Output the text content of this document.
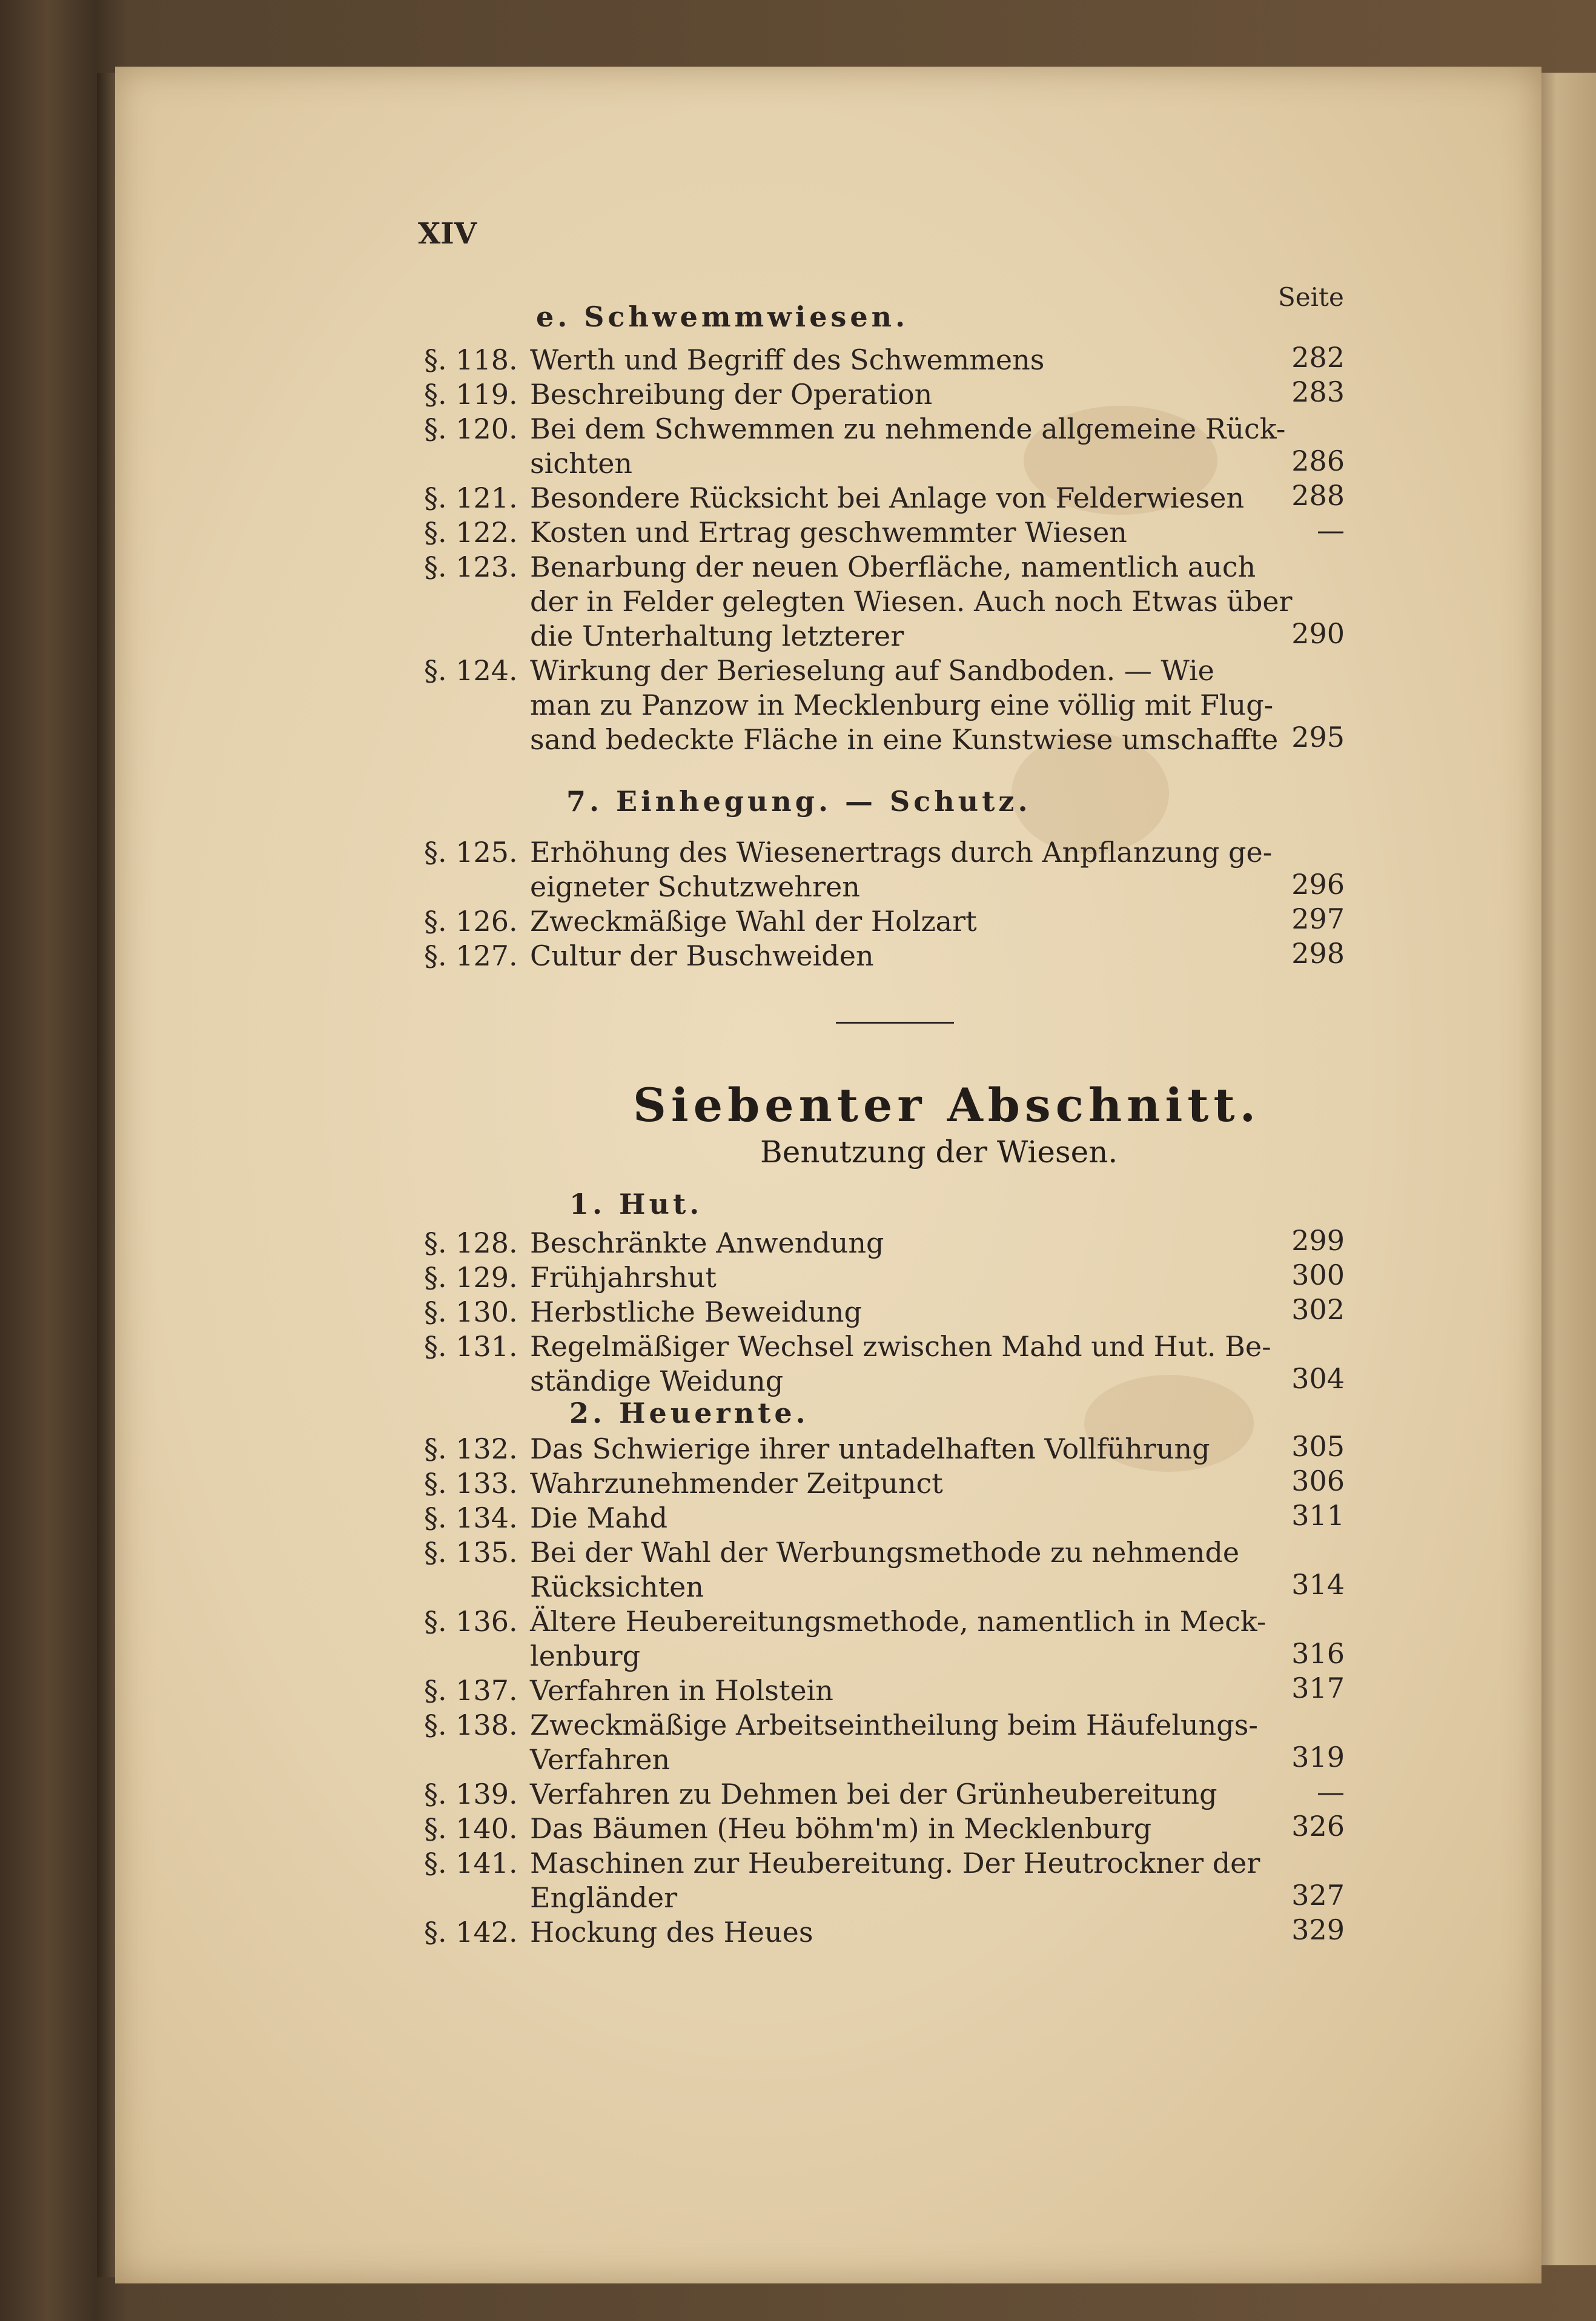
XIV
Seite
e. Schwemmwiesen.
§. 118. Werth und Begriff des Schwemmens	282
§. 119. Beschreibung der Operation	283
§. 120. Bei dem Schwemmen zu nehmende allgemeine Rück-
sichten	286
§. 121. Besondere Rücksicht bei Anlage von Felderwiesen	288
§. 122. Kosten und Ertrag geschwemmter Wiesen	—
§. 123. Benarbung der neuen Oberfläche, namentlich auch
der in Felder gelegten Wiesen. Auch noch Etwas über
die Unterhaltung letzterer	290
§. 124. Wirkung der Berieselung auf Sandboden. — Wie
man zu Panzow in Mecklenburg eine völlig mit Flug-
sand bedeckte Fläche in eine Kunstwiese umschaffte 295
7. Einhegung. — Schutz.
§. 125. Erhöhung des Wiesenertrags durch Anpflanzung ge-
eigneter Schutzwehren	296
§. 126. Zweckmäßige Wahl der Holzart	297
§. 127. Cultur der Buschweiden	298
Siebenter Abschnitt.
Benutzung der Wiesen.
1. Hut.
§. 128. Beschränkte Anwendung	299
§. 129. Frühjahrshut	300
§. 130. Herbstliche Beweidung	302
§. 131. Regelmäßiger Wechsel zwischen Mahd und Hut. Be-
ständige Weidung	304
2. Heuernte.
§. 132. Das Schwierige ihrer untadelhaften Vollführung	305
§. 133. Wahrzunehmender Zeitpunct	306
§. 134. Die Mahd	311
§. 135. Bei der Wahl der Werbungsmethode zu nehmende
Rücksichten	314
§. 136. Ältere Heubereitungsmethode, namentlich in Meck-
lenburg	316
§. 137. Verfahren in Holstein	317
§. 138. Zweckmäßige Arbeitseintheilung beim Häufelungs-
Verfahren	319
§. 139. Verfahren zu Dehmen bei der Grünheubereitung	—
§. 140. Das Bäumen (Heu böhm'm) in Mecklenburg	326
§. 141. Maschinen zur Heubereitung. Der Heutrockner der
Engländer	327
§. 142. Hockung des Heues	329
